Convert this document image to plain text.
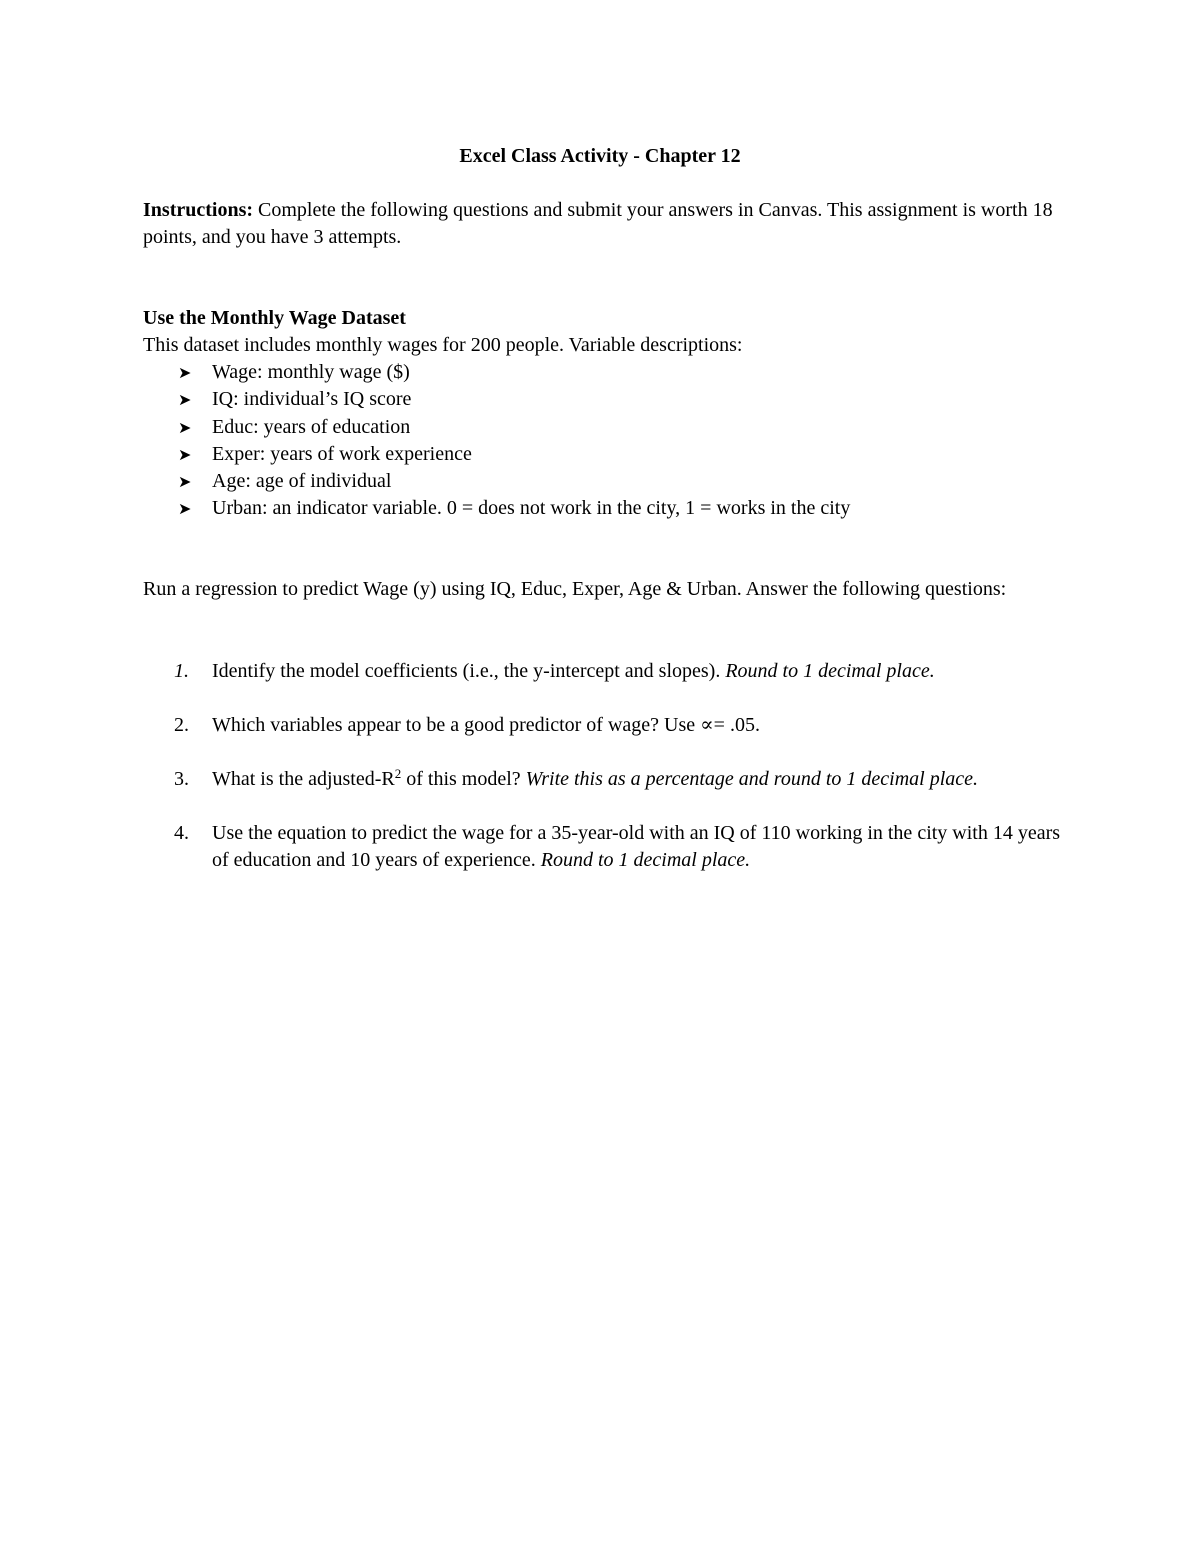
Excel Class Activity - Chapter 12
Instructions: Complete the following questions and submit your answers in Canvas. This assignment is worth 18 points, and you have 3 attempts.
Use the Monthly Wage Dataset
This dataset includes monthly wages for 200 people. Variable descriptions:
➤	Wage: monthly wage ($)
➤	IQ: individual’s IQ score
➤	Educ: years of education
➤	Exper: years of work experience
➤	Age: age of individual
➤	Urban: an indicator variable. 0 = does not work in the city, 1 = works in the city
Run a regression to predict Wage (y) using IQ, Educ, Exper, Age & Urban. Answer the following questions:
1.	Identify the model coefficients (i.e., the y-intercept and slopes). Round to 1 decimal place.
2.	Which variables appear to be a good predictor of wage? Use ∝= .05.
3.	What is the adjusted-$R^2$ of this model? Write this as a percentage and round to 1 decimal place.
4.	Use the equation to predict the wage for a 35-year-old with an IQ of 110 working in the city with 14 years of education and 10 years of experience. Round to 1 decimal place.
